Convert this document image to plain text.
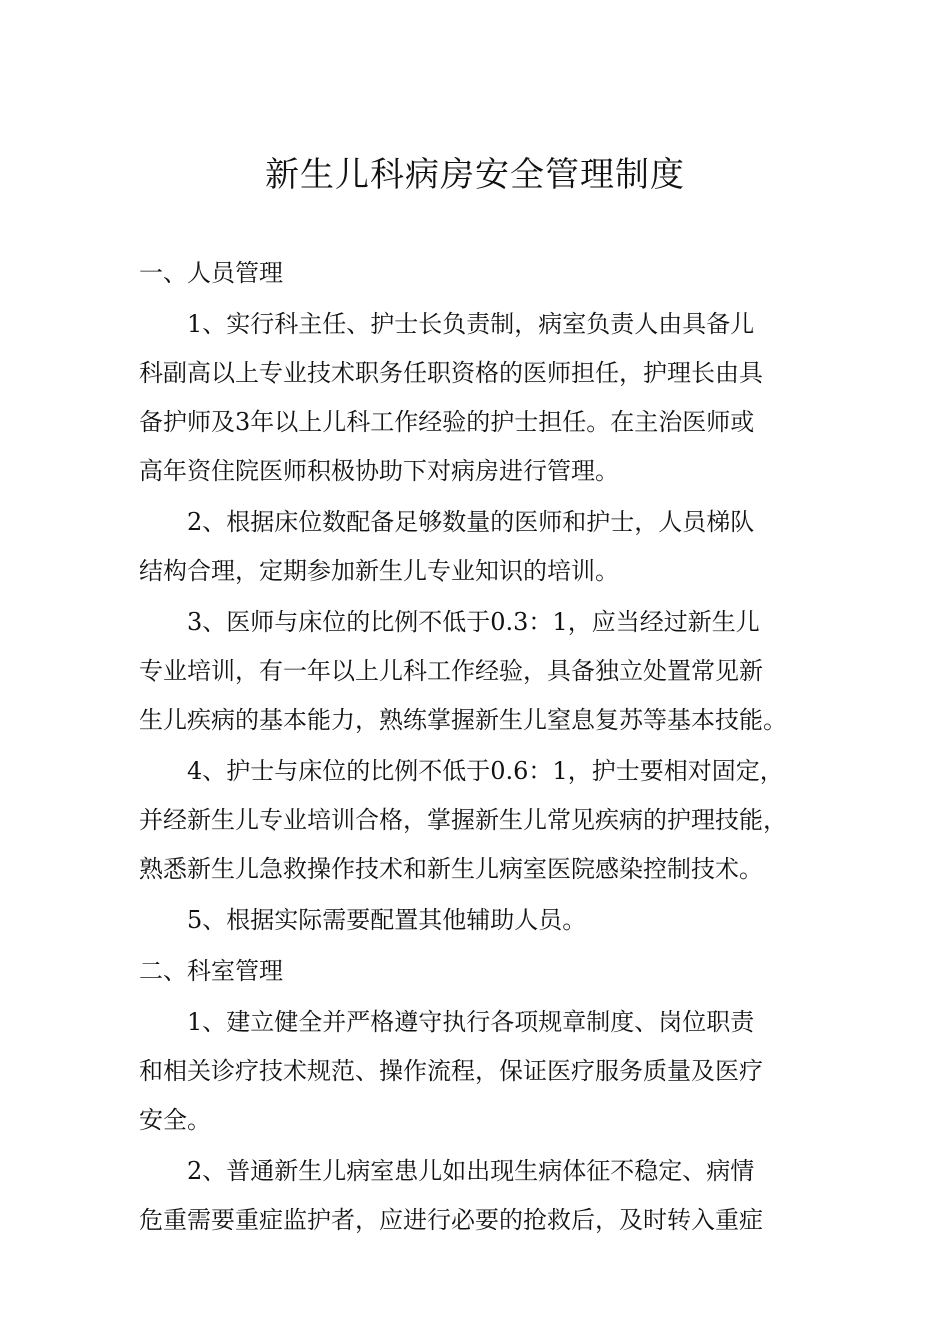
新生儿科病房安全管理制度
一、人员管理
1、实行科主任、护士长负责制，病室负责人由具备儿
科副高以上专业技术职务任职资格的医师担任，护理长由具
备护师及3年以上儿科工作经验的护士担任。在主治医师或
高年资住院医师积极协助下对病房进行管理。
2、根据床位数配备足够数量的医师和护士，人员梯队
结构合理，定期参加新生儿专业知识的培训。
3、医师与床位的比例不低于0.3：1，应当经过新生儿
专业培训，有一年以上儿科工作经验，具备独立处置常见新
生儿疾病的基本能力，熟练掌握新生儿窒息复苏等基本技能。
4、护士与床位的比例不低于0.6：1，护士要相对固定，
并经新生儿专业培训合格，掌握新生儿常见疾病的护理技能，
熟悉新生儿急救操作技术和新生儿病室医院感染控制技术。
5、根据实际需要配置其他辅助人员。
二、科室管理
1、建立健全并严格遵守执行各项规章制度、岗位职责
和相关诊疗技术规范、操作流程，保证医疗服务质量及医疗
安全。
2、普通新生儿病室患儿如出现生病体征不稳定、病情
危重需要重症监护者，应进行必要的抢救后，及时转入重症
